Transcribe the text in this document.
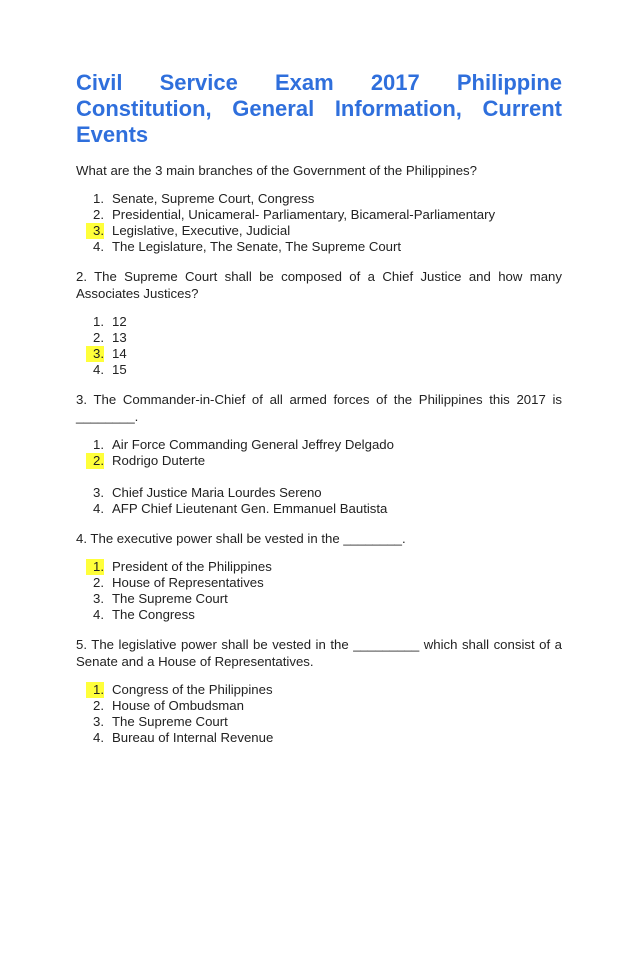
Civil Service Exam 2017 Philippine Constitution, General Information, Current Events

What are the 3 main branches of the Government of the Philippines?

1. Senate, Supreme Court, Congress
2. Presidential, Unicameral- Parliamentary, Bicameral-Parliamentary
3. Legislative, Executive, Judicial
4. The Legislature, The Senate, The Supreme Court

2. The Supreme Court shall be composed of a Chief Justice and how many Associates Justices?

1. 12
2. 13
3. 14
4. 15

3. The Commander-in-Chief of all armed forces of the Philippines this 2017 is ________.

1. Air Force Commanding General Jeffrey Delgado
2. Rodrigo Duterte
3. Chief Justice Maria Lourdes Sereno
4. AFP Chief Lieutenant Gen. Emmanuel Bautista

4. The executive power shall be vested in the ________.

1. President of the Philippines
2. House of Representatives
3. The Supreme Court
4. The Congress

5. The legislative power shall be vested in the _________ which shall consist of a Senate and a House of Representatives.

1. Congress of the Philippines
2. House of Ombudsman
3. The Supreme Court
4. Bureau of Internal Revenue
